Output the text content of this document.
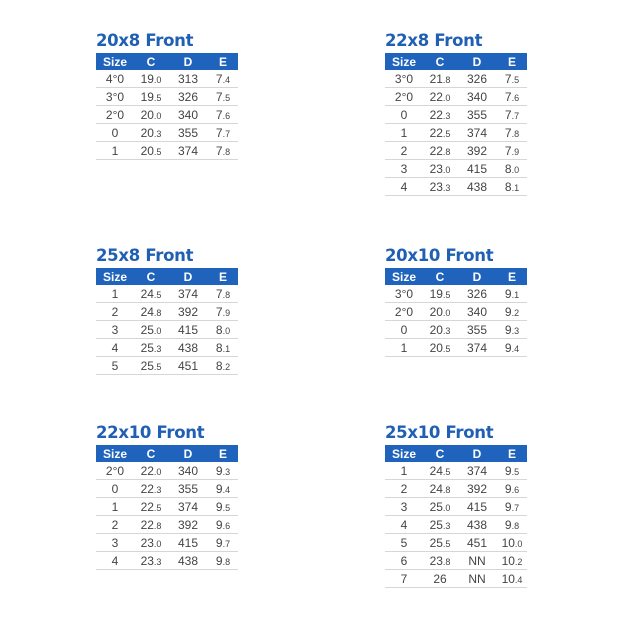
20x8 Front
Size	C	D	E
4°0	19.0	313	7.4
3°0	19.5	326	7.5
2°0	20.0	340	7.6
0	20.3	355	7.7
1	20.5	374	7.8
22x8 Front
Size	C	D	E
3°0	21.8	326	7.5
2°0	22.0	340	7.6
0	22.3	355	7.7
1	22.5	374	7.8
2	22.8	392	7.9
3	23.0	415	8.0
4	23.3	438	8.1
25x8 Front
Size	C	D	E
1	24.5	374	7.8
2	24.8	392	7.9
3	25.0	415	8.0
4	25.3	438	8.1
5	25.5	451	8.2
20x10 Front
Size	C	D	E
3°0	19.5	326	9.1
2°0	20.0	340	9.2
0	20.3	355	9.3
1	20.5	374	9.4
22x10 Front
Size	C	D	E
2°0	22.0	340	9.3
0	22.3	355	9.4
1	22.5	374	9.5
2	22.8	392	9.6
3	23.0	415	9.7
4	23.3	438	9.8
25x10 Front
Size	C	D	E
1	24.5	374	9.5
2	24.8	392	9.6
3	25.0	415	9.7
4	25.3	438	9.8
5	25.5	451	10.0
6	23.8	NN	10.2
7	26	NN	10.4
